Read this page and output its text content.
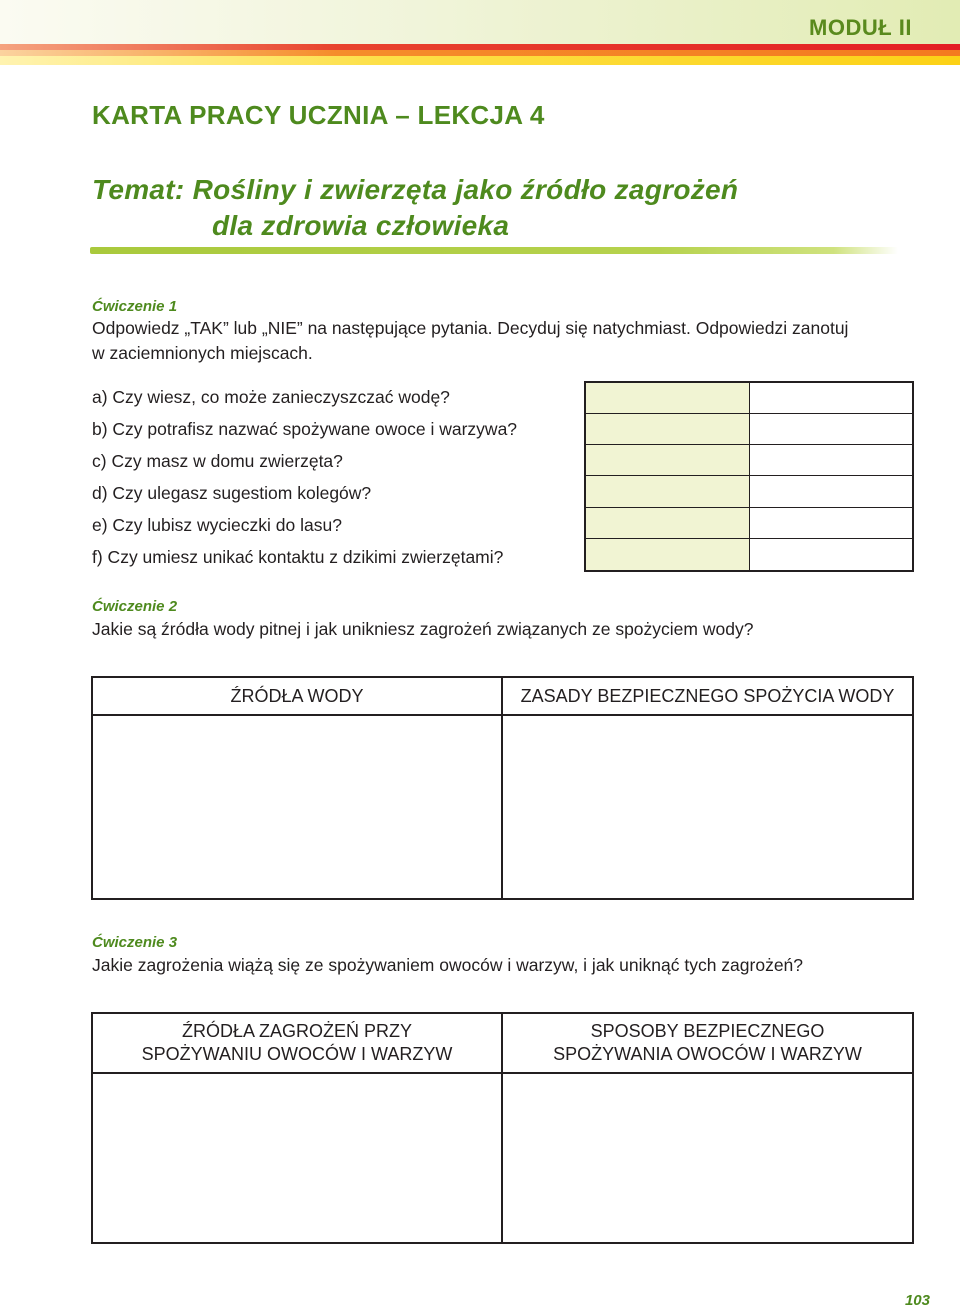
MODUŁ II
KARTA PRACY UCZNIA – LEKCJA 4
Temat: Rośliny i zwierzęta jako źródło zagrożeń
dla zdrowia człowieka
Ćwiczenie 1
Odpowiedz „TAK” lub „NIE” na następujące pytania. Decyduj się natychmiast. Odpowiedzi zanotuj
w zaciemnionych miejscach.
a) Czy wiesz, co może zanieczyszczać wodę?
b) Czy potrafisz nazwać spożywane owoce i warzywa?
c) Czy masz w domu zwierzęta?
d) Czy ulegasz sugestiom kolegów?
e) Czy lubisz wycieczki do lasu?
f) Czy umiesz unikać kontaktu z dzikimi zwierzętami?
Ćwiczenie 2
Jakie są źródła wody pitnej i jak unikniesz zagrożeń związanych ze spożyciem wody?
ŹRÓDŁA WODY	ZASADY BEZPIECZNEGO SPOŻYCIA WODY
Ćwiczenie 3
Jakie zagrożenia wiążą się ze spożywaniem owoców i warzyw, i jak uniknąć tych zagrożeń?
ŹRÓDŁA ZAGROŻEŃ PRZY
SPOŻYWANIU OWOCÓW I WARZYW
SPOSOBY BEZPIECZNEGO
SPOŻYWANIA OWOCÓW I WARZYW
103
